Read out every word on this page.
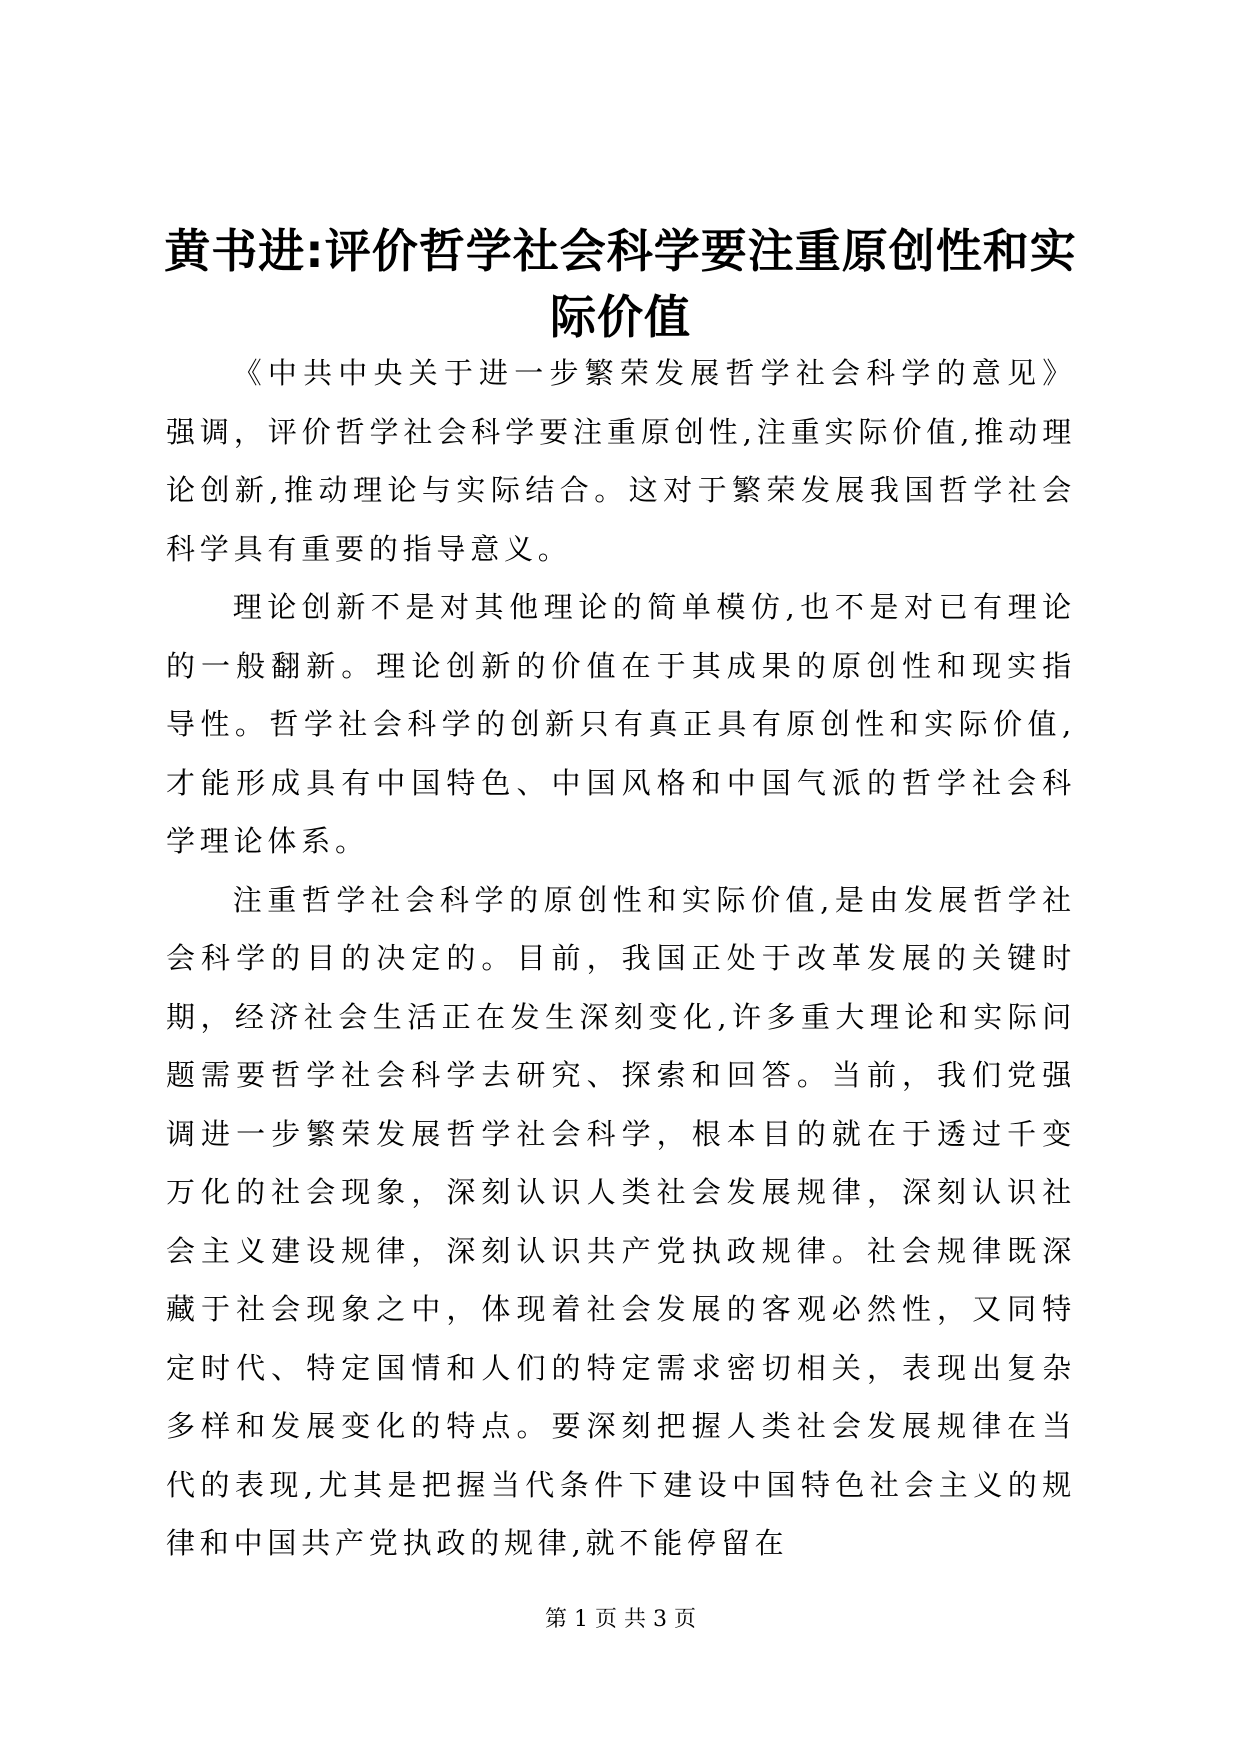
黄书进:评价哲学社会科学要注重原创性和实际价值

《中共中央关于进一步繁荣发展哲学社会科学的意见》强调，评价哲学社会科学要注重原创性,注重实际价值,推动理论创新,推动理论与实际结合。这对于繁荣发展我国哲学社会科学具有重要的指导意义。

理论创新不是对其他理论的简单模仿,也不是对已有理论的一般翻新。理论创新的价值在于其成果的原创性和现实指导性。哲学社会科学的创新只有真正具有原创性和实际价值,才能形成具有中国特色、中国风格和中国气派的哲学社会科学理论体系。

注重哲学社会科学的原创性和实际价值,是由发展哲学社会科学的目的决定的。目前，我国正处于改革发展的关键时期，经济社会生活正在发生深刻变化,许多重大理论和实际问题需要哲学社会科学去研究、探索和回答。当前，我们党强调进一步繁荣发展哲学社会科学，根本目的就在于透过千变万化的社会现象，深刻认识人类社会发展规律，深刻认识社会主义建设规律，深刻认识共产党执政规律。社会规律既深藏于社会现象之中，体现着社会发展的客观必然性，又同特定时代、特定国情和人们的特定需求密切相关，表现出复杂多样和发展变化的特点。要深刻把握人类社会发展规律在当代的表现,尤其是把握当代条件下建设中国特色社会主义的规律和中国共产党执政的规律,就不能停留在

第 1 页 共 3 页
